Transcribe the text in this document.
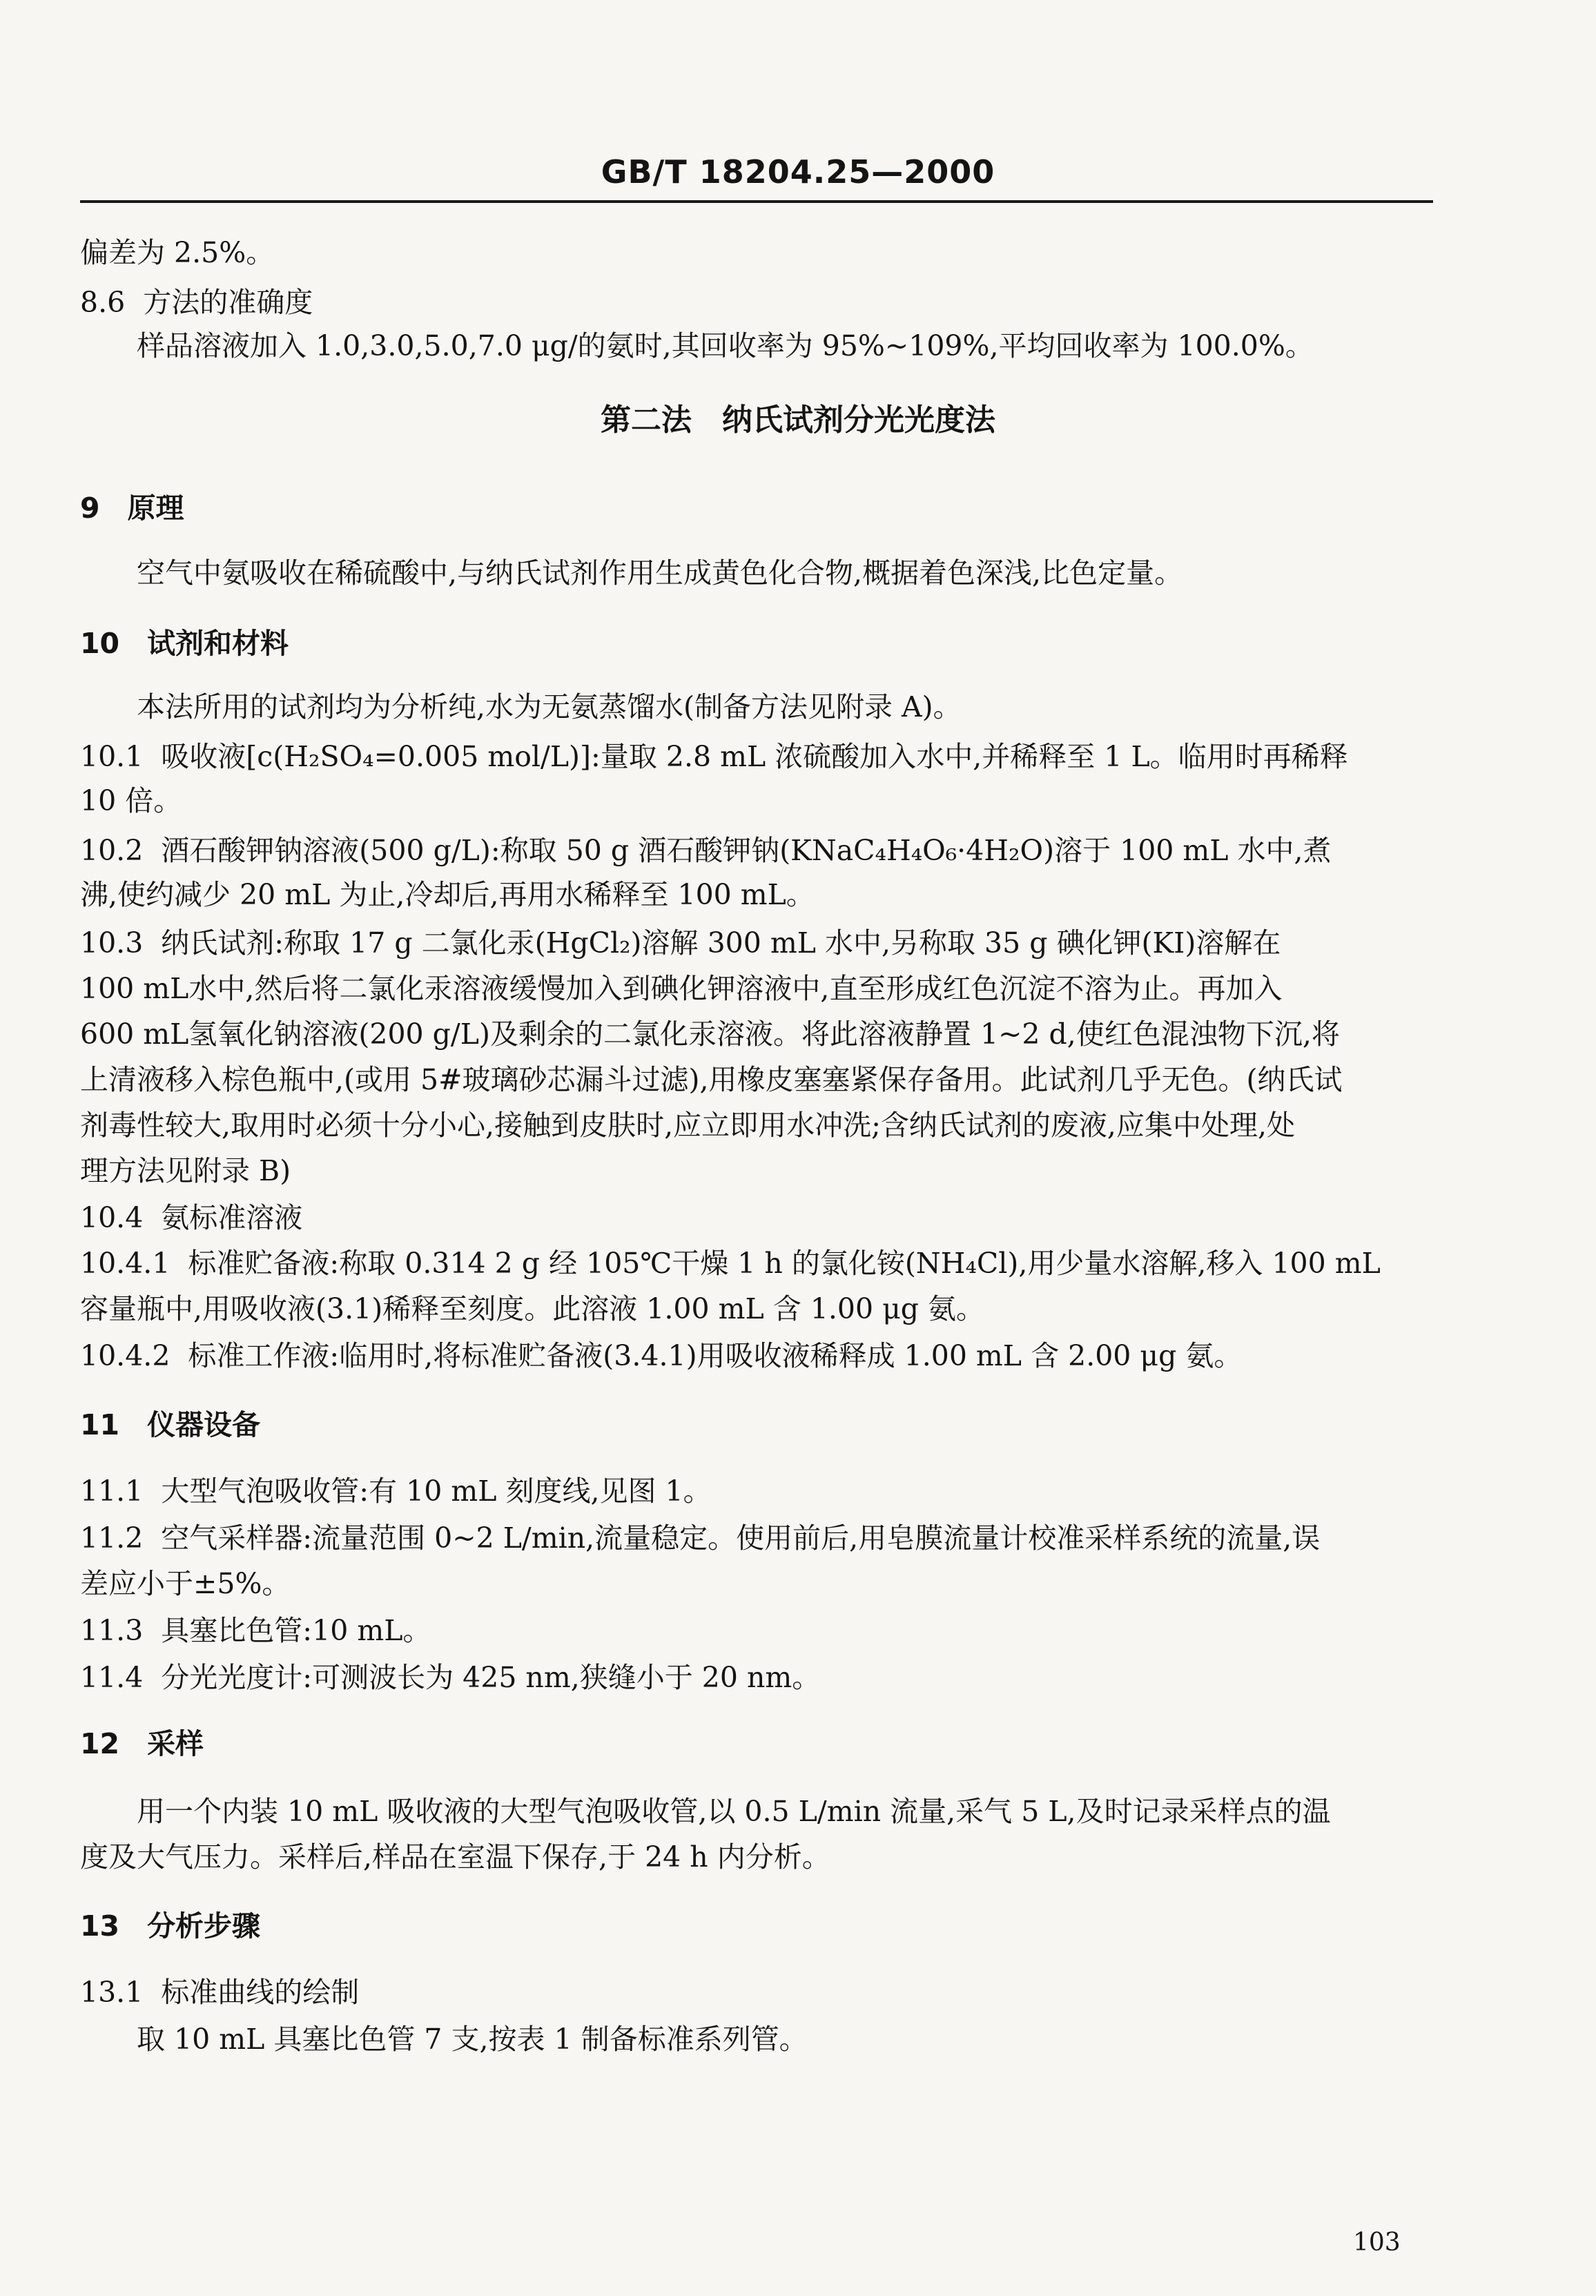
GB/T 18204.25—2000
偏差为 2.5%。
8.6 方法的准确度
样品溶液加入 1.0,3.0,5.0,7.0 μg/的氨时,其回收率为 95%~109%,平均回收率为 100.0%。
第二法　纳氏试剂分光光度法
9 原理
空气中氨吸收在稀硫酸中,与纳氏试剂作用生成黄色化合物,概据着色深浅,比色定量。
10 试剂和材料
本法所用的试剂均为分析纯,水为无氨蒸馏水(制备方法见附录 A)。
10.1 吸收液[c(H₂SO₄=0.005 mol/L)]:量取 2.8 mL 浓硫酸加入水中,并稀释至 1 L。临用时再稀释
10 倍。
10.2 酒石酸钾钠溶液(500 g/L):称取 50 g 酒石酸钾钠(KNaC₄H₄O₆·4H₂O)溶于 100 mL 水中,煮
沸,使约减少 20 mL 为止,冷却后,再用水稀释至 100 mL。
10.3 纳氏试剂:称取 17 g 二氯化汞(HgCl₂)溶解 300 mL 水中,另称取 35 g 碘化钾(KI)溶解在
100 mL水中,然后将二氯化汞溶液缓慢加入到碘化钾溶液中,直至形成红色沉淀不溶为止。再加入
600 mL氢氧化钠溶液(200 g/L)及剩余的二氯化汞溶液。将此溶液静置 1~2 d,使红色混浊物下沉,将
上清液移入棕色瓶中,(或用 5#玻璃砂芯漏斗过滤),用橡皮塞塞紧保存备用。此试剂几乎无色。(纳氏试
剂毒性较大,取用时必须十分小心,接触到皮肤时,应立即用水冲洗;含纳氏试剂的废液,应集中处理,处
理方法见附录 B)
10.4 氨标准溶液
10.4.1 标准贮备液:称取 0.314 2 g 经 105℃干燥 1 h 的氯化铵(NH₄Cl),用少量水溶解,移入 100 mL
容量瓶中,用吸收液(3.1)稀释至刻度。此溶液 1.00 mL 含 1.00 μg 氨。
10.4.2 标准工作液:临用时,将标准贮备液(3.4.1)用吸收液稀释成 1.00 mL 含 2.00 μg 氨。
11 仪器设备
11.1 大型气泡吸收管:有 10 mL 刻度线,见图 1。
11.2 空气采样器:流量范围 0~2 L/min,流量稳定。使用前后,用皂膜流量计校准采样系统的流量,误
差应小于±5%。
11.3 具塞比色管:10 mL。
11.4 分光光度计:可测波长为 425 nm,狭缝小于 20 nm。
12 采样
用一个内装 10 mL 吸收液的大型气泡吸收管,以 0.5 L/min 流量,采气 5 L,及时记录采样点的温
度及大气压力。采样后,样品在室温下保存,于 24 h 内分析。
13 分析步骤
13.1 标准曲线的绘制
取 10 mL 具塞比色管 7 支,按表 1 制备标准系列管。
103
